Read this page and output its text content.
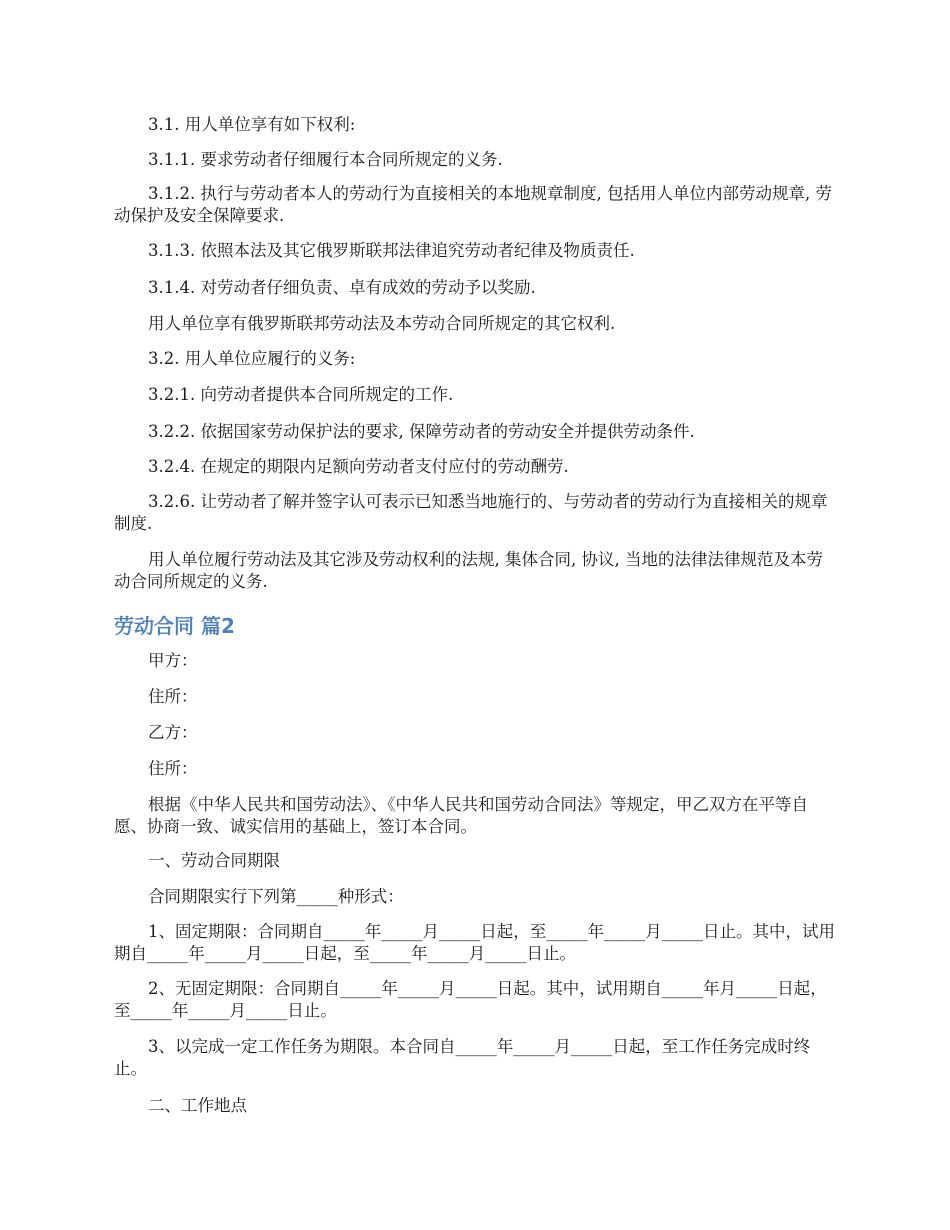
3.1. 用人单位享有如下权利:

3.1.1. 要求劳动者仔细履行本合同所规定的义务.

3.1.2. 执行与劳动者本人的劳动行为直接相关的本地规章制度, 包括用人单位内部劳动规章, 劳动保护及安全保障要求.

3.1.3. 依照本法及其它俄罗斯联邦法律追究劳动者纪律及物质责任.

3.1.4. 对劳动者仔细负责、卓有成效的劳动予以奖励.

用人单位享有俄罗斯联邦劳动法及本劳动合同所规定的其它权利.

3.2. 用人单位应履行的义务:

3.2.1. 向劳动者提供本合同所规定的工作.

3.2.2. 依据国家劳动保护法的要求, 保障劳动者的劳动安全并提供劳动条件.

3.2.4. 在规定的期限内足额向劳动者支付应付的劳动酬劳.

3.2.6. 让劳动者了解并签字认可表示已知悉当地施行的、与劳动者的劳动行为直接相关的规章制度.

用人单位履行劳动法及其它涉及劳动权利的法规, 集体合同, 协议, 当地的法律法律规范及本劳动合同所规定的义务.

劳动合同 篇2

甲方：

住所：

乙方：

住所：

根据《中华人民共和国劳动法》、《中华人民共和国劳动合同法》等规定，甲乙双方在平等自愿、协商一致、诚实信用的基础上，签订本合同。

一、劳动合同期限

合同期限实行下列第_____种形式：

1、固定期限：合同期自_____年_____月_____日起，至_____年_____月_____日止。其中，试用期自_____年_____月_____日起，至_____年_____月_____日止。

2、无固定期限：合同期自_____年_____月_____日起。其中，试用期自_____年月_____日起，至_____年_____月_____日止。

3、以完成一定工作任务为期限。本合同自_____年_____月_____日起，至工作任务完成时终止。

二、工作地点
